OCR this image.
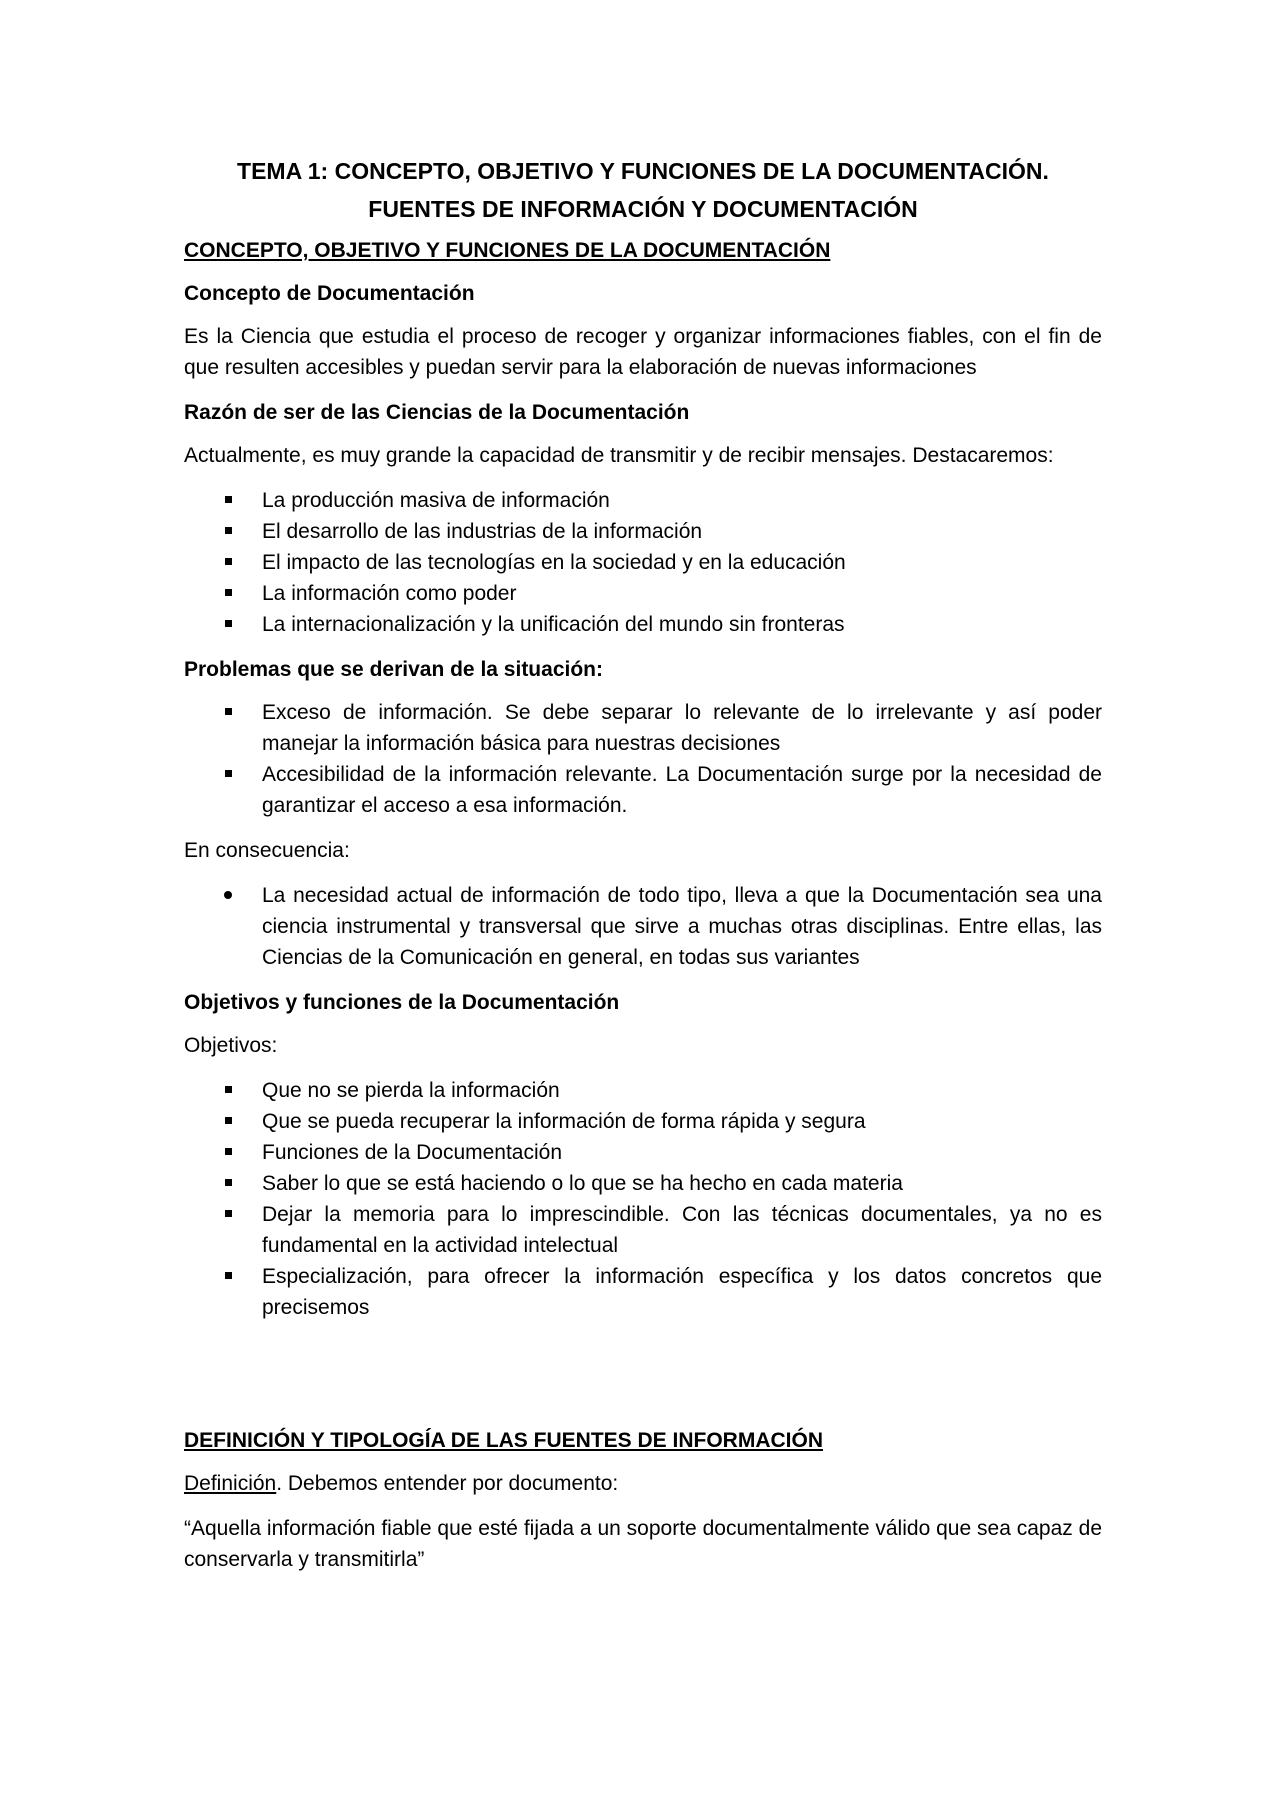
TEMA 1: CONCEPTO, OBJETIVO Y FUNCIONES DE LA DOCUMENTACIÓN.
FUENTES DE INFORMACIÓN Y DOCUMENTACIÓN
CONCEPTO, OBJETIVO Y FUNCIONES DE LA DOCUMENTACIÓN
Concepto de Documentación

Es la Ciencia que estudia el proceso de recoger y organizar informaciones fiables, con el fin de que resulten accesibles y puedan servir para la elaboración de nuevas informaciones

Razón de ser de las Ciencias de la Documentación

Actualmente, es muy grande la capacidad de transmitir y de recibir mensajes. Destacaremos:

La producción masiva de información
El desarrollo de las industrias de la información
El impacto de las tecnologías en la sociedad y en la educación
La información como poder
La internacionalización y la unificación del mundo sin fronteras
Problemas que se derivan de la situación:
Exceso de información. Se debe separar lo relevante de lo irrelevante y así poder manejar la información básica para nuestras decisiones
Accesibilidad de la información relevante. La Documentación surge por la necesidad de garantizar el acceso a esa información.

En consecuencia:

La necesidad actual de información de todo tipo, lleva a que la Documentación sea una ciencia instrumental y transversal que sirve a muchas otras disciplinas. Entre ellas, las Ciencias de la Comunicación en general, en todas sus variantes
Objetivos y funciones de la Documentación

Objetivos:

Que no se pierda la información
Que se pueda recuperar la información de forma rápida y segura
Funciones de la Documentación
Saber lo que se está haciendo o lo que se ha hecho en cada materia
Dejar la memoria para lo imprescindible. Con las técnicas documentales, ya no es fundamental en la actividad intelectual
Especialización, para ofrecer la información específica y los datos concretos que precisemos
DEFINICIÓN Y TIPOLOGÍA DE LAS FUENTES DE INFORMACIÓN

Definición. Debemos entender por documento:

“Aquella información fiable que esté fijada a un soporte documentalmente válido que sea capaz de conservarla y transmitirla”
